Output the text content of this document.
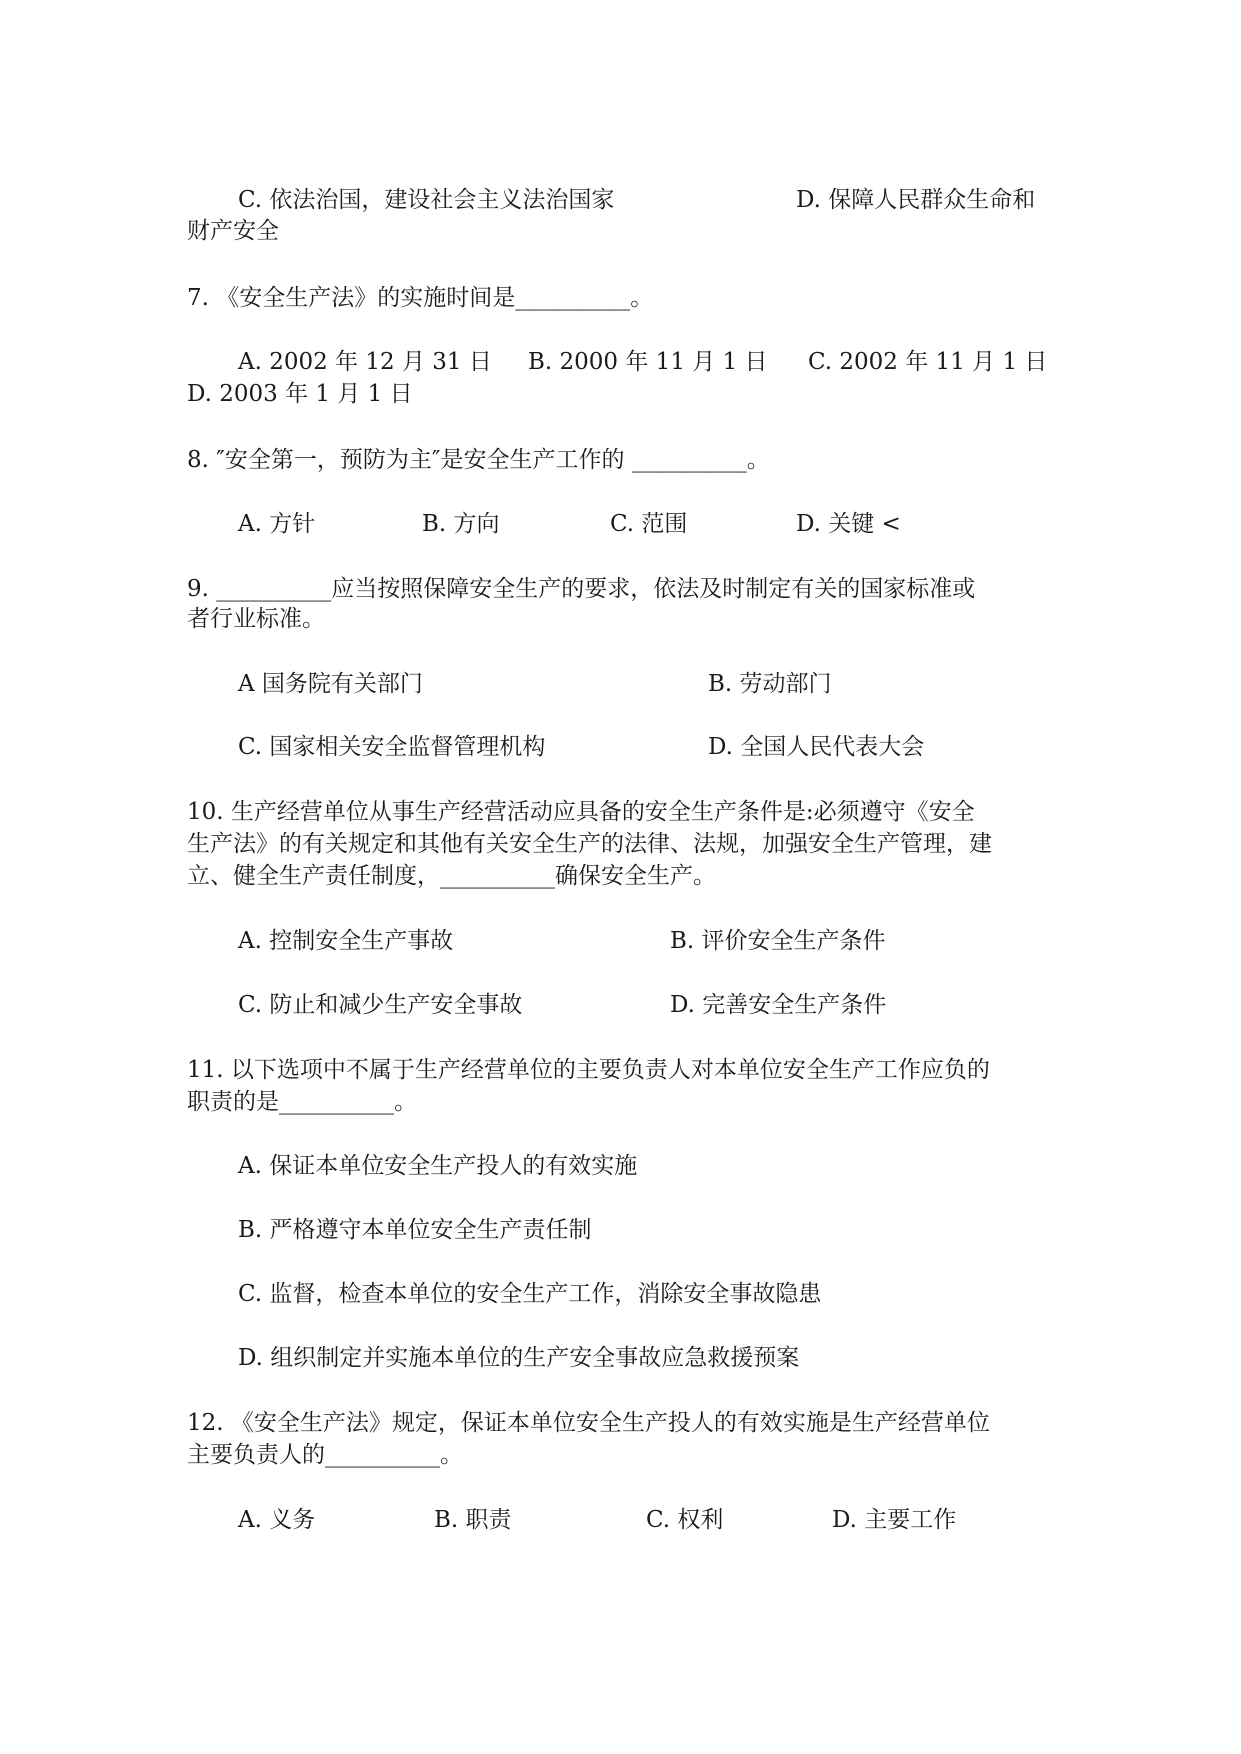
C. 依法治国，建设社会主义法治国家	D. 保障人民群众生命和
财产安全
7. 《安全生产法》的实施时间是__________。
A. 2002 年 12 月 31 日 B. 2000 年 11 月 1 日 C. 2002 年 11 月 1 日
D. 2003 年 1 月 1 日
8. ″安全第一，预防为主″是安全生产工作的 __________。
A. 方针	B. 方向	C. 范围	D. 关键 <
9. __________应当按照保障安全生产的要求，依法及时制定有关的国家标准或
者行业标准。
A 国务院有关部门	B. 劳动部门
C. 国家相关安全监督管理机构	D. 全国人民代表大会
10. 生产经营单位从事生产经营活动应具备的安全生产条件是:必须遵守《安全
生产法》的有关规定和其他有关安全生产的法律、法规，加强安全生产管理，建
立、健全生产责任制度，__________确保安全生产。
A. 控制安全生产事故	B. 评价安全生产条件
C. 防止和减少生产安全事故	D. 完善安全生产条件
11. 以下选项中不属于生产经营单位的主要负责人对本单位安全生产工作应负的
职责的是__________。
A. 保证本单位安全生产投人的有效实施
B. 严格遵守本单位安全生产责任制
C. 监督，检查本单位的安全生产工作，消除安全事故隐患
D. 组织制定并实施本单位的生产安全事故应急救援预案
12. 《安全生产法》规定，保证本单位安全生产投人的有效实施是生产经营单位
主要负责人的__________。
A. 义务	B. 职责	C. 权利	D. 主要工作
